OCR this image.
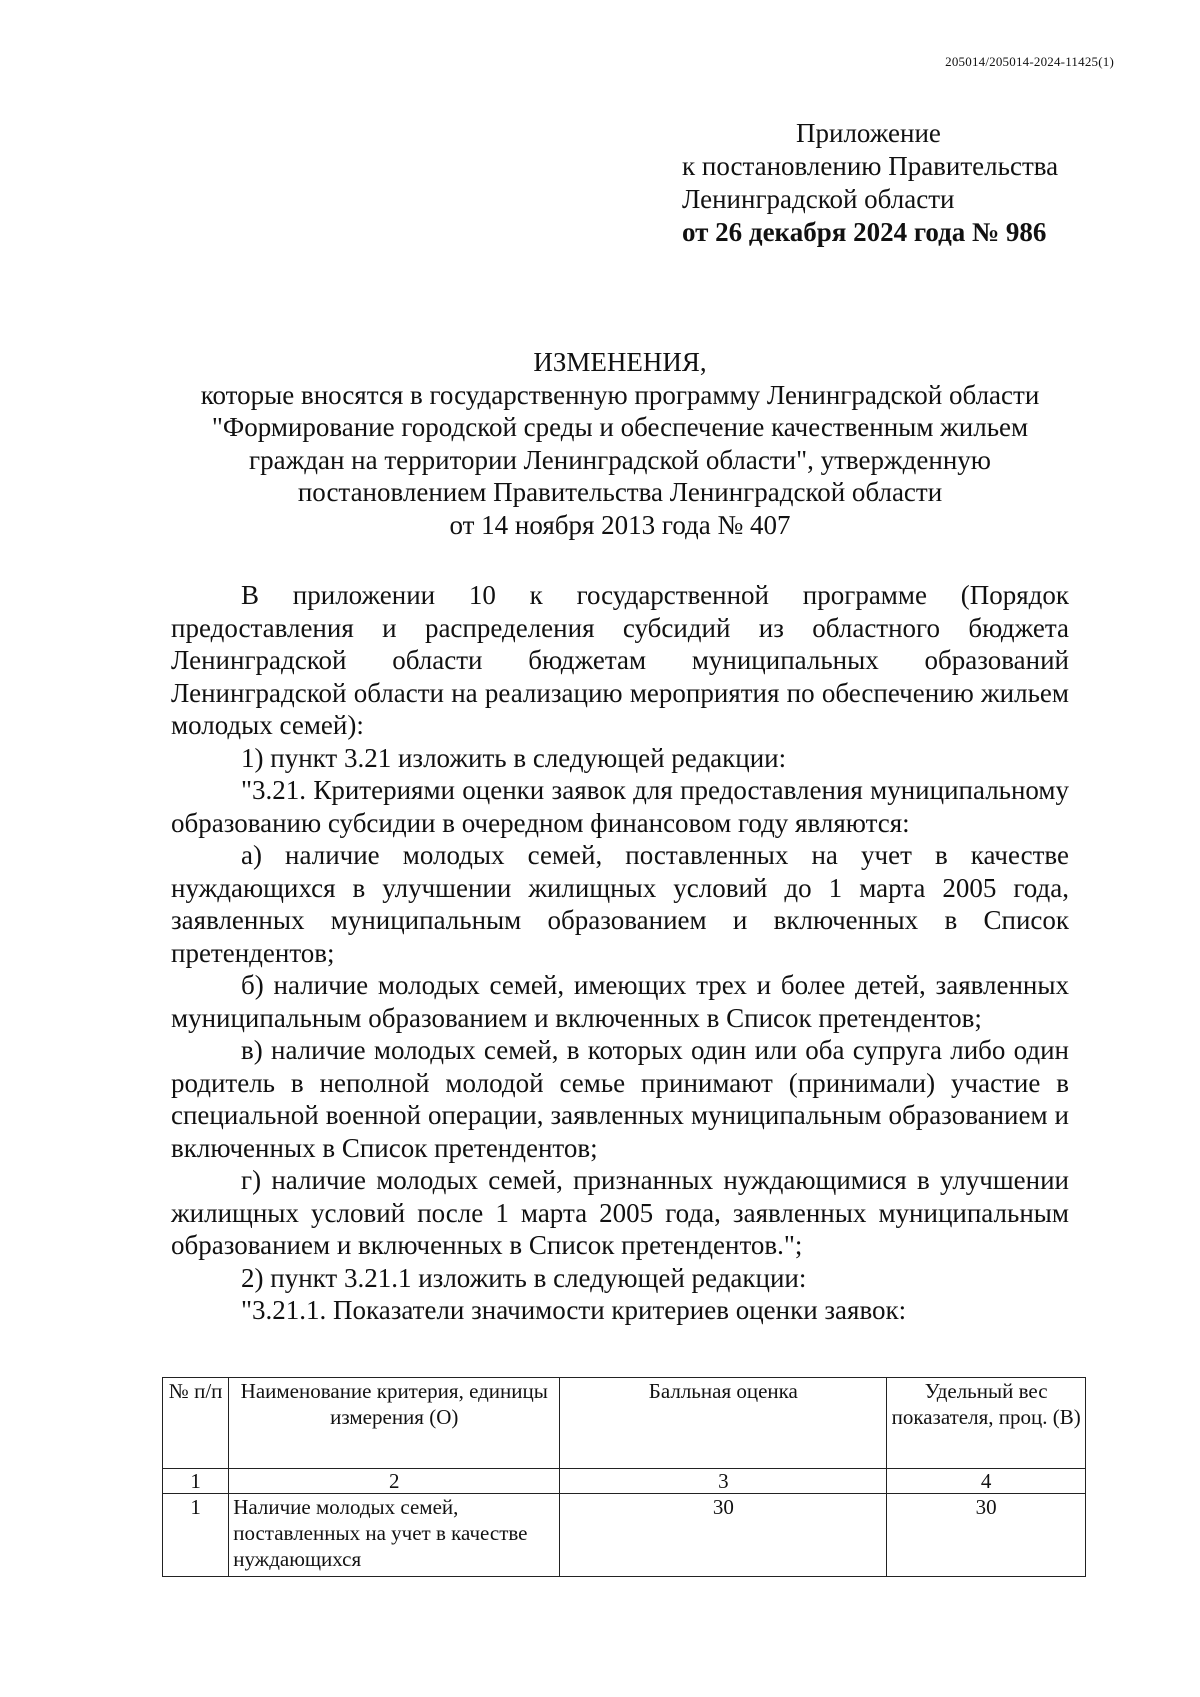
205014/205014-2024-11425(1)
Приложение
к постановлению Правительства
Ленинградской области
от 26 декабря 2024 года № 986
ИЗМЕНЕНИЯ,
которые вносятся в государственную программу Ленинградской области
"Формирование городской среды и обеспечение качественным жильем
граждан на территории Ленинградской области", утвержденную
постановлением Правительства Ленинградской области
от 14 ноября 2013 года № 407

В приложении 10 к государственной программе (Порядок предоставления и распределения субсидий из областного бюджета Ленинградской области бюджетам муниципальных образований Ленинградской области на реализацию мероприятия по обеспечению жильем молодых семей):

1) пункт 3.21 изложить в следующей редакции:

"3.21. Критериями оценки заявок для предоставления муниципальному образованию субсидии в очередном финансовом году являются:

а) наличие молодых семей, поставленных на учет в качестве нуждающихся в улучшении жилищных условий до 1 марта 2005 года, заявленных муниципальным образованием и включенных в Список претендентов;

б) наличие молодых семей, имеющих трех и более детей, заявленных муниципальным образованием и включенных в Список претендентов;

в) наличие молодых семей, в которых один или оба супруга либо один родитель в неполной молодой семье принимают (принимали) участие в специальной военной операции, заявленных муниципальным образованием и включенных в Список претендентов;

г) наличие молодых семей, признанных нуждающимися в улучшении жилищных условий после 1 марта 2005 года, заявленных муниципальным образованием и включенных в Список претендентов.";

2) пункт 3.21.1 изложить в следующей редакции:

"3.21.1. Показатели значимости критериев оценки заявок:

№ п/п	Наименование критерия, единицы измерения (O)	Балльная оценка	Удельный вес показателя, проц. (B)
1	2	3	4
1	Наличие молодых семей, поставленных на учет в качестве нуждающихся	30	30
